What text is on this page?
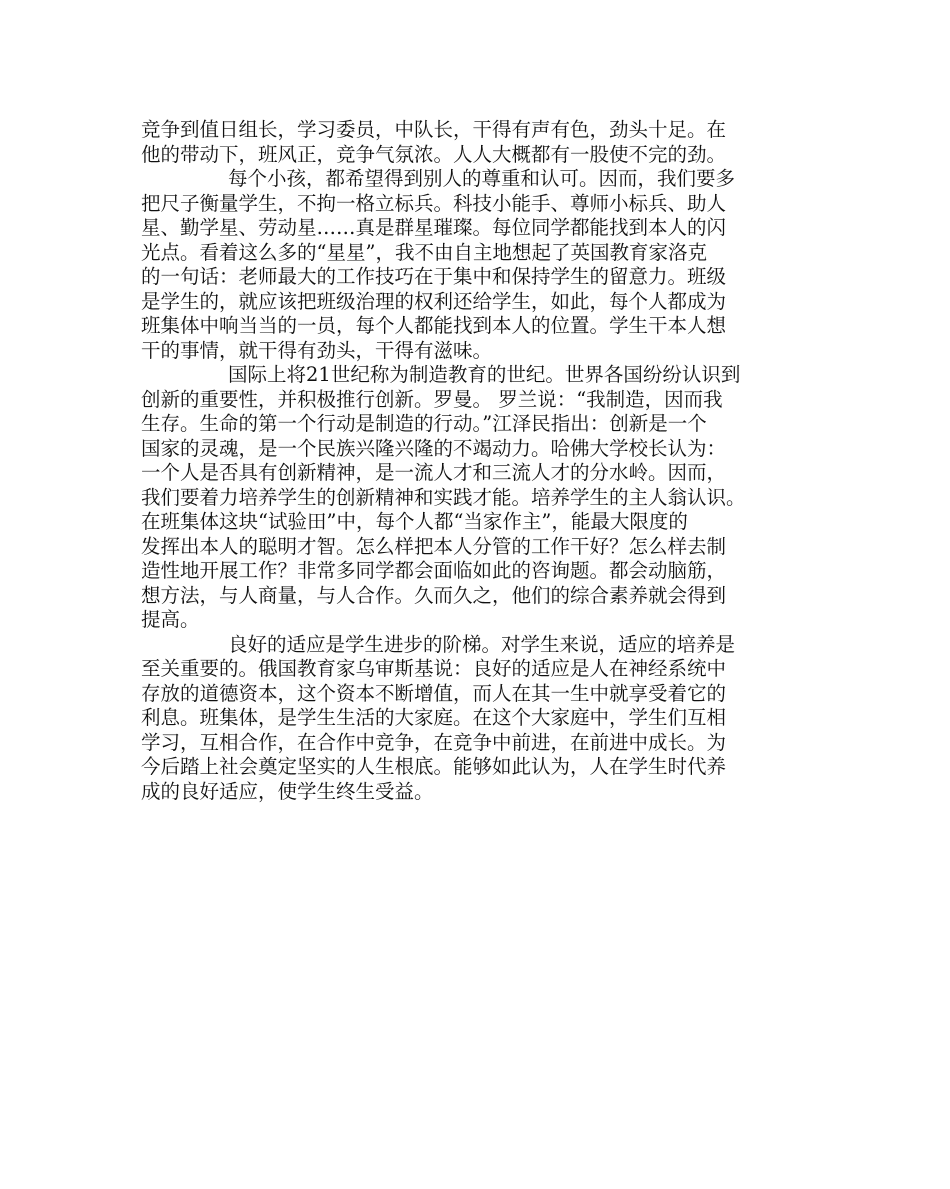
竞争到值日组长，学习委员，中队长，干得有声有色，劲头十足。在
他的带动下，班风正，竞争气氛浓。人人大概都有一股使不完的劲。
每个小孩，都希望得到别人的尊重和认可。因而，我们要多
把尺子衡量学生，不拘一格立标兵。科技小能手、尊师小标兵、助人
星、勤学星、劳动星……真是群星璀璨。每位同学都能找到本人的闪
光点。看着这么多的“星星”，我不由自主地想起了英国教育家洛克
的一句话：老师最大的工作技巧在于集中和保持学生的留意力。班级
是学生的，就应该把班级治理的权利还给学生，如此，每个人都成为
班集体中响当当的一员，每个人都能找到本人的位置。学生干本人想
干的事情，就干得有劲头，干得有滋味。
国际上将21世纪称为制造教育的世纪。世界各国纷纷认识到
创新的重要性，并积极推行创新。罗曼。 罗兰说：“我制造，因而我
生存。生命的第一个行动是制造的行动。”江泽民指出：创新是一个
国家的灵魂，是一个民族兴隆兴隆的不竭动力。哈佛大学校长认为：
一个人是否具有创新精神，是一流人才和三流人才的分水岭。因而，
我们要着力培养学生的创新精神和实践才能。培养学生的主人翁认识。
在班集体这块“试验田”中，每个人都“当家作主”，能最大限度的
发挥出本人的聪明才智。怎么样把本人分管的工作干好？怎么样去制
造性地开展工作？非常多同学都会面临如此的咨询题。都会动脑筋，
想方法，与人商量，与人合作。久而久之，他们的综合素养就会得到
提高。
良好的适应是学生进步的阶梯。对学生来说，适应的培养是
至关重要的。俄国教育家乌审斯基说：良好的适应是人在神经系统中
存放的道德资本，这个资本不断增值，而人在其一生中就享受着它的
利息。班集体，是学生生活的大家庭。在这个大家庭中，学生们互相
学习，互相合作，在合作中竞争，在竞争中前进，在前进中成长。为
今后踏上社会奠定坚实的人生根底。能够如此认为，人在学生时代养
成的良好适应，使学生终生受益。
